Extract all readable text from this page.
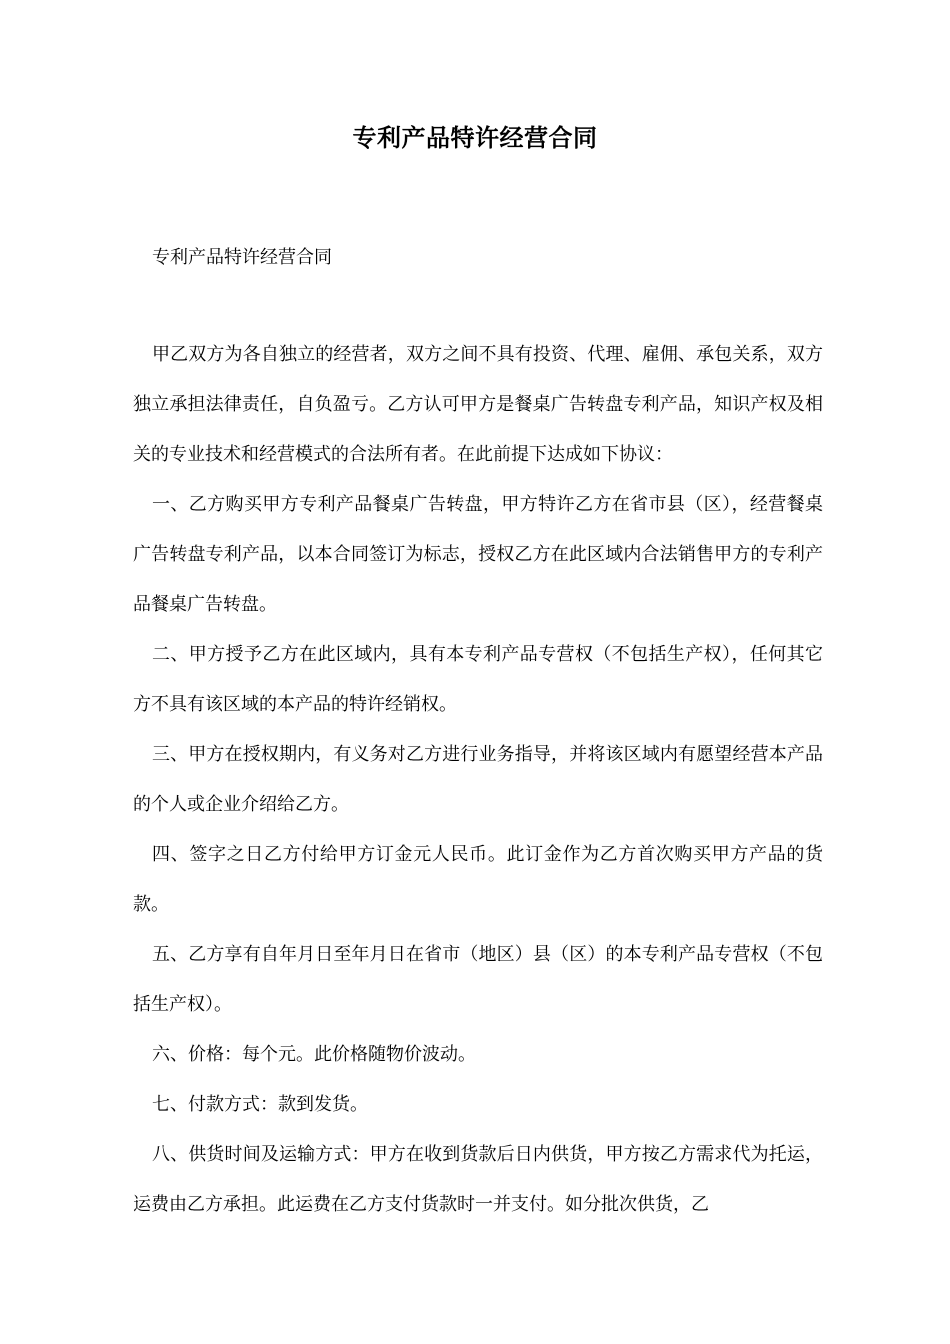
专利产品特许经营合同
专利产品特许经营合同

甲乙双方为各自独立的经营者，双方之间不具有投资、代理、雇佣、承包关系，双方独立承担法律责任，自负盈亏。乙方认可甲方是餐桌广告转盘专利产品，知识产权及相关的专业技术和经营模式的合法所有者。在此前提下达成如下协议：

一、乙方购买甲方专利产品餐桌广告转盘，甲方特许乙方在省市县（区），经营餐桌广告转盘专利产品，以本合同签订为标志，授权乙方在此区域内合法销售甲方的专利产品餐桌广告转盘。

二、甲方授予乙方在此区域内，具有本专利产品专营权（不包括生产权），任何其它方不具有该区域的本产品的特许经销权。

三、甲方在授权期内，有义务对乙方进行业务指导，并将该区域内有愿望经营本产品的个人或企业介绍给乙方。

四、签字之日乙方付给甲方订金元人民币。此订金作为乙方首次购买甲方产品的货款。

五、乙方享有自年月日至年月日在省市（地区）县（区）的本专利产品专营权（不包括生产权）。

六、价格：每个元。此价格随物价波动。

七、付款方式：款到发货。

八、供货时间及运输方式：甲方在收到货款后日内供货，甲方按乙方需求代为托运，运费由乙方承担。此运费在乙方支付货款时一并支付。如分批次供货，乙
